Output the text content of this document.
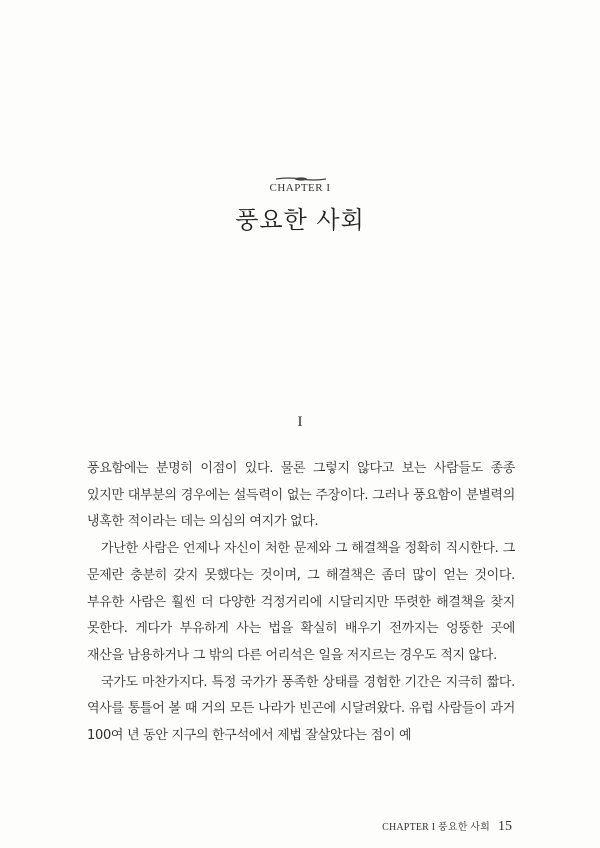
CHAPTER I
풍요한 사회
I

풍요함에는 분명히 이점이 있다. 물론 그렇지 않다고 보는 사람들도 종종 있지만 대부분의 경우에는 설득력이 없는 주장이다. 그러나 풍요함이 분별력의 냉혹한 적이라는 데는 의심의 여지가 없다.

가난한 사람은 언제나 자신이 처한 문제와 그 해결책을 정확히 직시한다. 그 문제란 충분히 갖지 못했다는 것이며, 그 해결책은 좀더 많이 얻는 것이다. 부유한 사람은 훨씬 더 다양한 걱정거리에 시달리지만 뚜렷한 해결책을 찾지 못한다. 게다가 부유하게 사는 법을 확실히 배우기 전까지는 엉뚱한 곳에 재산을 남용하거나 그 밖의 다른 어리석은 일을 저지르는 경우도 적지 않다.

국가도 마찬가지다. 특정 국가가 풍족한 상태를 경험한 기간은 지극히 짧다. 역사를 통틀어 볼 때 거의 모든 나라가 빈곤에 시달려왔다. 유럽 사람들이 과거 100여 년 동안 지구의 한구석에서 제법 잘살았다는 점이 예

CHAPTER I 풍요한 사회 15
